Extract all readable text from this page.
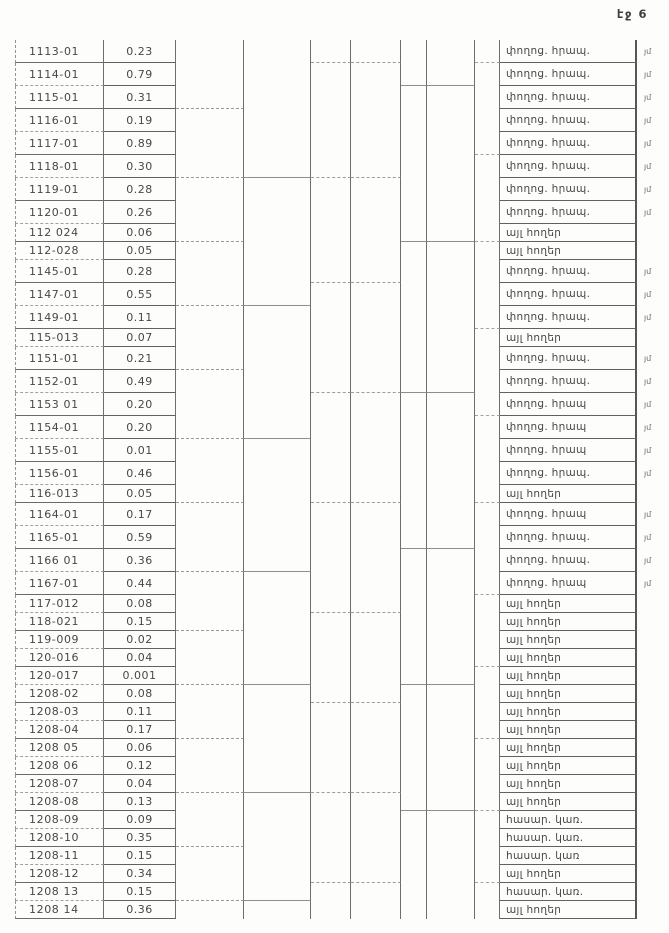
էջ 6
1113-01	0.23	փողոց. հրապ.	յմ
1114-01	0.79	փողոց. հրապ.	յմ
1115-01	0.31	փողոց. հրապ.	յմ
1116-01	0.19	փողոց. հրապ.	յմ
1117-01	0.89	փողոց. հրապ.	յմ
1118-01	0.30	փողոց. հրապ.	յմ
1119-01	0.28	փողոց. հրապ.	յմ
1120-01	0.26	փողոց. հրապ.	յմ
112 024	0.06	այլ հողեր
112-028	0.05	այլ հողեր
1145-01	0.28	փողոց. հրապ.	յմ
1147-01	0.55	փողոց. հրապ.	յմ
1149-01	0.11	փողոց. հրապ.	յմ
115-013	0.07	այլ հողեր
1151-01	0.21	փողոց. հրապ.	յմ
1152-01	0.49	փողոց. հրապ.	յմ
1153 01	0.20	փողոց. հրապ	յմ
1154-01	0.20	փողոց. հրապ	յմ
1155-01	0.01	փողոց. հրապ	յմ
1156-01	0.46	փողոց. հրապ.	յմ
116-013	0.05	այլ հողեր
1164-01	0.17	փողոց. հրապ	յմ
1165-01	0.59	փողոց. հրապ.	յմ
1166 01	0.36	փողոց. հրապ.	յմ
1167-01	0.44	փողոց. հրապ	յմ
117-012	0.08	այլ հողեր
118-021	0.15	այլ հողեր
119-009	0.02	այլ հողեր
120-016	0.04	այլ հողեր
120-017	0.001	այլ հողեր
1208-02	0.08	այլ հողեր
1208-03	0.11	այլ հողեր
1208-04	0.17	այլ հողեր
1208 05	0.06	այլ հողեր
1208 06	0.12	այլ հողեր
1208-07	0.04	այլ հողեր
1208-08	0.13	այլ հողեր
1208-09	0.09	հասար. կառ.
1208-10	0.35	հասար. կառ.
1208-11	0.15	հասար. կառ
1208-12	0.34	այլ հողեր
1208 13	0.15	հասար. կառ.
1208 14	0.36	այլ հողեր
